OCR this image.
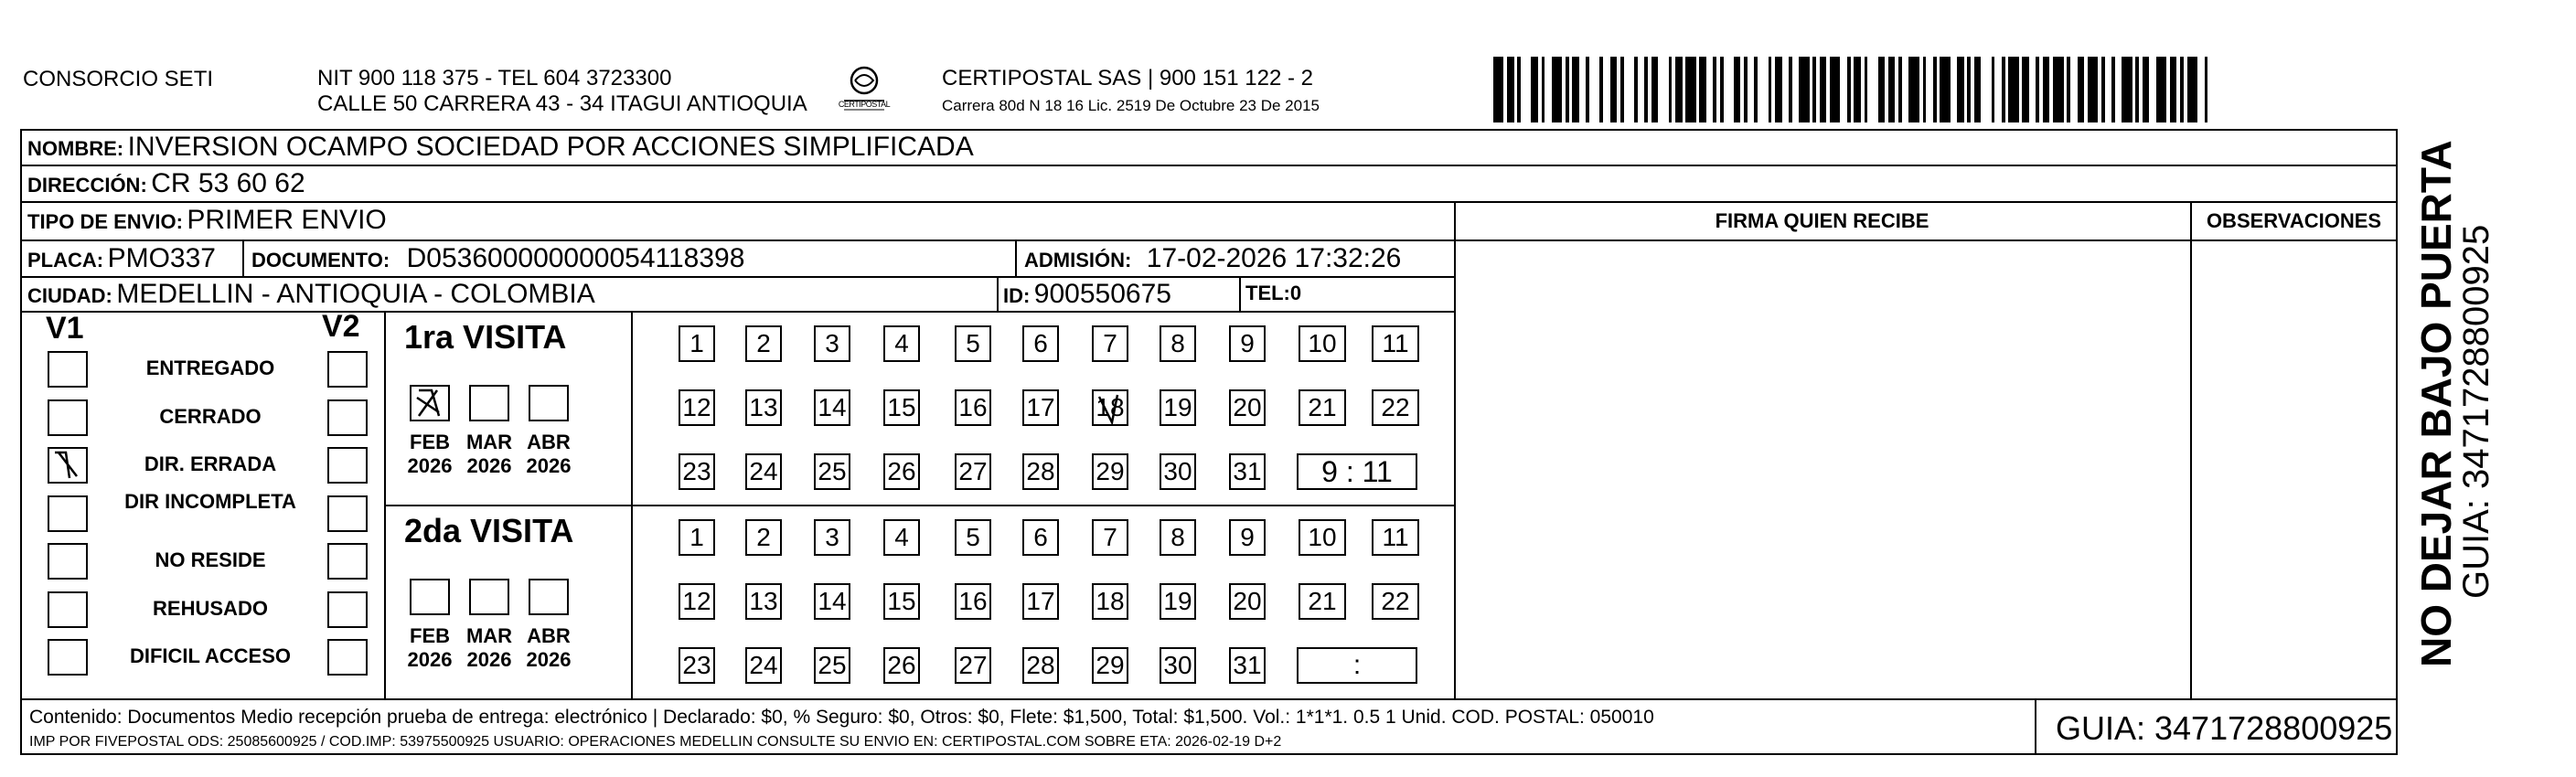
CONSORCIO SETI	NIT 900 118 375 - TEL 604 3723300
CALLE 50 CARRERA 43 - 34 ITAGUI ANTIOQUIA	CERTIPOSTAL
CERTIPOSTAL SAS | 900 151 122 - 2
Carrera 80d N 18 16 Lic. 2519 De Octubre 23 De 2015
NOMBRE: INVERSION OCAMPO SOCIEDAD POR ACCIONES SIMPLIFICADA
DIRECCIÓN: CR 53 60 62
TIPO DE ENVIO: PRIMER ENVIO
PLACA: PMO337 DOCUMENTO: D053600000000054118398	ADMISIÓN: 17-02-2026 17:32:26
CIUDAD: MEDELLIN - ANTIOQUIA - COLOMBIA	ID: 900550675	TEL:0
FIRMA QUIEN RECIBE	OBSERVACIONES
V1	V2
ENTREGADO
CERRADO
DIR. ERRADA
DIR INCOMPLETA
NO RESIDE
REHUSADO
DIFICIL ACCESO
1ra VISITA
FEB
2026
MAR
2026
ABR
2026
1	2	3	4	5	6	7	8	9	10	11
12 13 14 15 16 17 18 19 20	21	22
23 24 25 26 27 28 29 30 31	9 : 11
2da VISITA
FEB
2026
MAR
2026
ABR
2026
1	2	3	4	5	6	7	8	9	10	11
12 13 14 15 16 17 18 19 20	21	22
23 24 25 26 27 28 29 30 31	:
Contenido: Documentos Medio recepción prueba de entrega: electrónico | Declarado: $0, % Seguro: $0, Otros: $0, Flete: $1,500, Total: $1,500. Vol.: 1*1*1. 0.5 1 Unid. COD. POSTAL: 050010
IMP POR FIVEPOSTAL ODS: 25085600925 / COD.IMP: 53975500925 USUARIO: OPERACIONES MEDELLIN CONSULTE SU ENVIO EN: CERTIPOSTAL.COM SOBRE ETA: 2026-02-19 D+2	GUIA: 3471728800925
NO DEJAR BAJO PUERTA
GUIA: 3471728800925
